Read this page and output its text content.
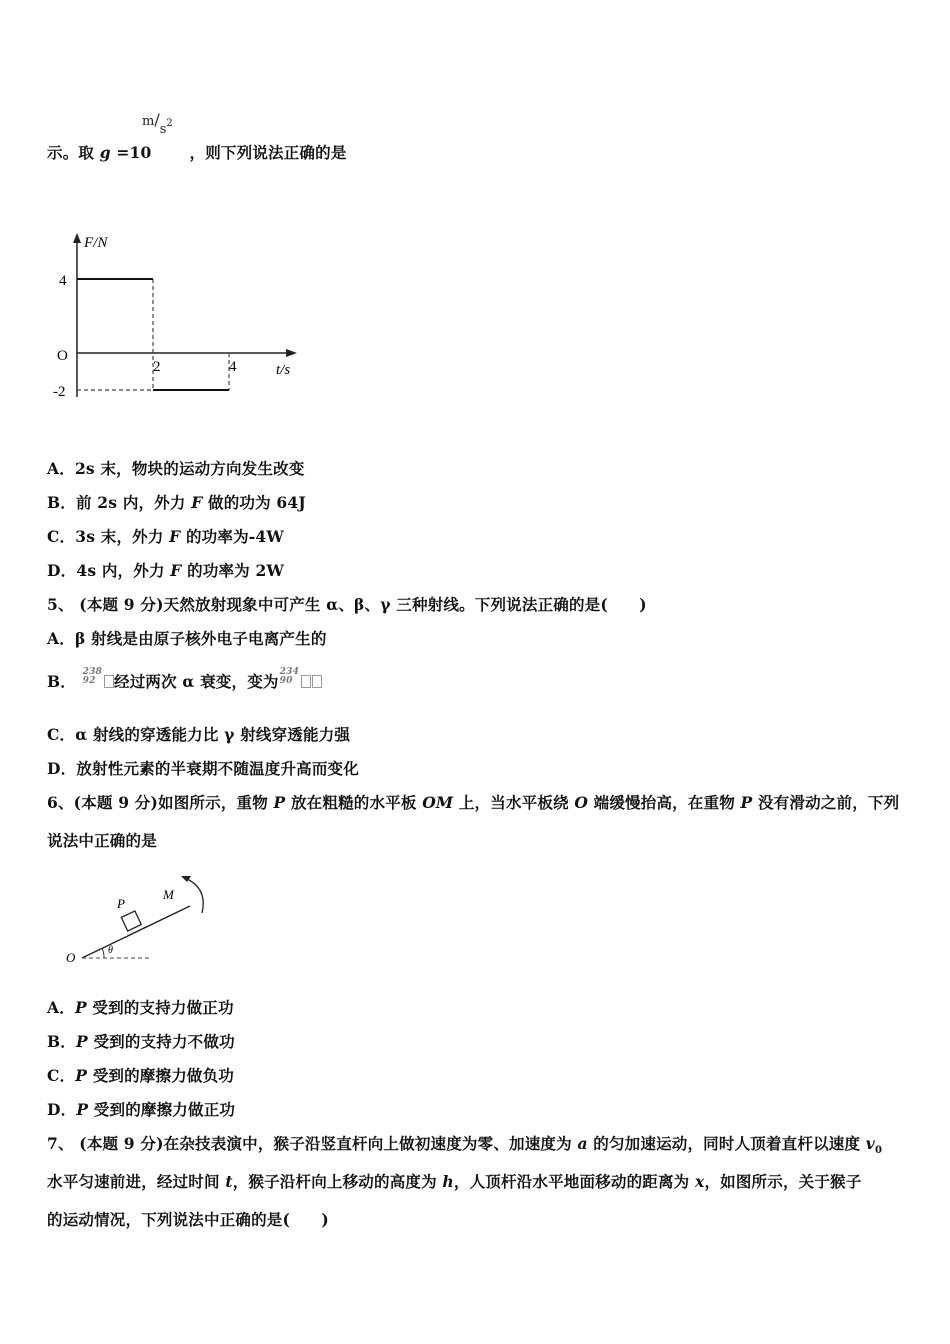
$m/s^2$
示。取 g =10 ，则下列说法正确的是
F/N
t/s
O
4
-2
2	4
A．2s 末，物块的运动方向发生改变
B．前 2s 内，外力 F 做的功为 64J
C．3s 末，外力 F 的功率为-4W
D．4s 内，外力 F 的功率为 2W
5、 (本题 9 分)天然放射现象中可产生 α、β、γ 三种射线。下列说法正确的是(　　)
A．β 射线是由原子核外电子电离产生的
B． 238
92 经过两次 α 衰变，变为234
90
C．α 射线的穿透能力比 γ 射线穿透能力强
D．放射性元素的半衰期不随温度升高而变化
6、(本题 9 分)如图所示，重物 P 放在粗糙的水平板 OM 上，当水平板绕 O 端缓慢抬高，在重物 P 没有滑动之前，下列
说法中正确的是
P
M
O	θ
A．P 受到的支持力做正功
B．P 受到的支持力不做功
C．P 受到的摩擦力做负功
D．P 受到的摩擦力做正功
7、 (本题 9 分)在杂技表演中，猴子沿竖直杆向上做初速度为零、加速度为 a 的匀加速运动，同时人顶着直杆以速度 $v_0$
水平匀速前进，经过时间 t，猴子沿杆向上移动的高度为 h，人顶杆沿水平地面移动的距离为 x，如图所示，关于猴子
的运动情况，下列说法中正确的是(　　)
